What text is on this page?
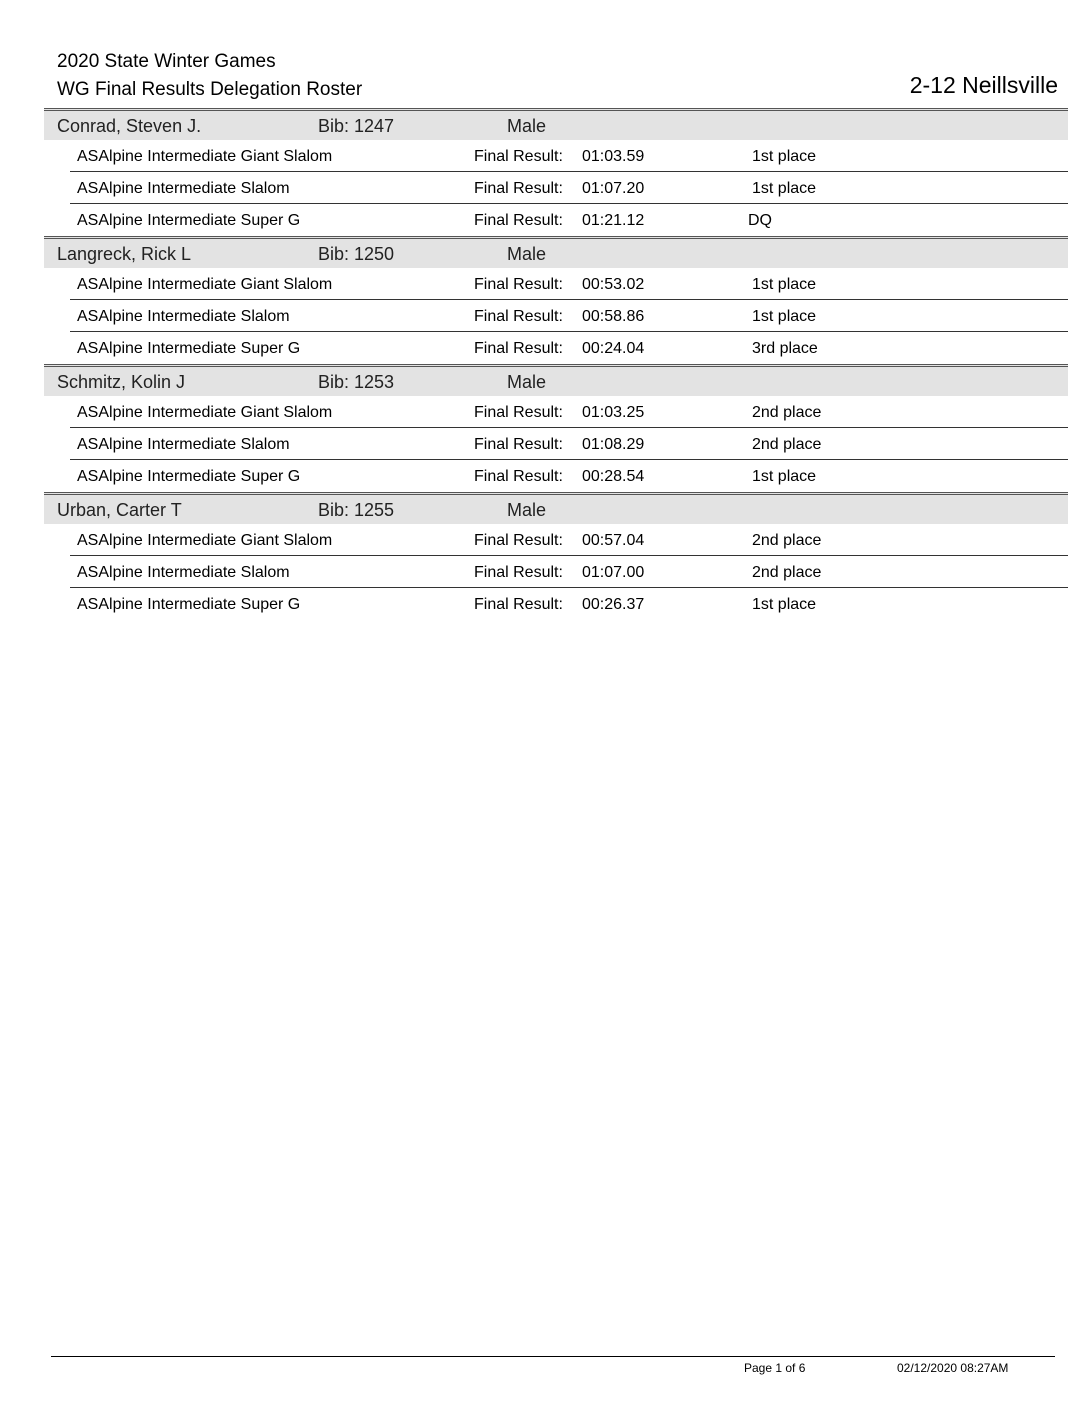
2020 State Winter Games
WG Final Results Delegation Roster	2-12 Neillsville
Conrad, Steven J.	Bib: 1247	Male
ASAlpine Intermediate Giant Slalom	Final Result: 01:03.59	1st place
ASAlpine Intermediate Slalom	Final Result: 01:07.20	1st place
ASAlpine Intermediate Super G	Final Result: 01:21.12	DQ
Langreck, Rick L	Bib: 1250	Male
ASAlpine Intermediate Giant Slalom	Final Result: 00:53.02	1st place
ASAlpine Intermediate Slalom	Final Result: 00:58.86	1st place
ASAlpine Intermediate Super G	Final Result: 00:24.04	3rd place
Schmitz, Kolin J	Bib: 1253	Male
ASAlpine Intermediate Giant Slalom	Final Result: 01:03.25	2nd place
ASAlpine Intermediate Slalom	Final Result: 01:08.29	2nd place
ASAlpine Intermediate Super G	Final Result: 00:28.54	1st place
Urban, Carter T	Bib: 1255	Male
ASAlpine Intermediate Giant Slalom	Final Result: 00:57.04	2nd place
ASAlpine Intermediate Slalom	Final Result: 01:07.00	2nd place
ASAlpine Intermediate Super G	Final Result: 00:26.37	1st place
Page 1 of 6	02/12/2020 08:27AM
